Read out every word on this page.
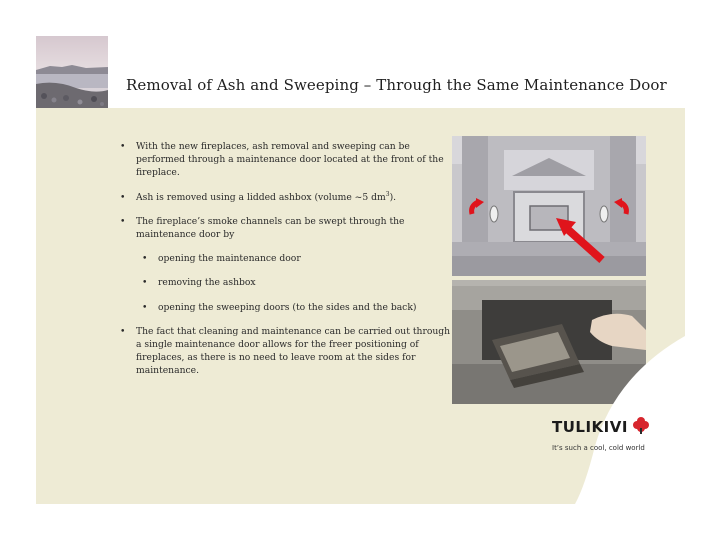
Removal of Ash and Sweeping – Through the Same Maintenance Door
• With the new fireplaces, ash removal and sweeping can be performed through a maintenance door located at the front of the fireplace.
• Ash is removed using a lidded ashbox (volume ~5 $dm^3$).
• The fireplace’s smoke channels can be swept through the maintenance door by
• opening the maintenance door
• removing the ashbox
• opening the sweeping doors (to the sides and the back)
• The fact that cleaning and maintenance can be carried out through a single maintenance door allows for the freer positioning of fireplaces, as there is no need to leave room at the sides for maintenance.
TULIKIVI
It’s such a cool, cold world
